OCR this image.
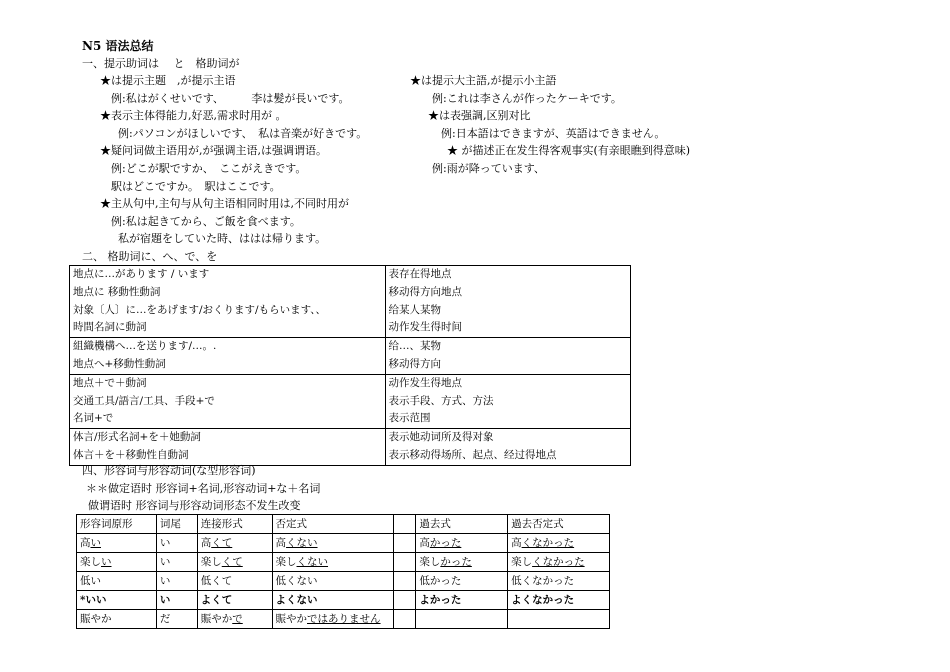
N5 语法总结
一、提示助词は　 と　格助词が
★は提示主题　,が提示主语
例:私はがくせいです、　　　李は髪が長いです。
★表示主体得能力,好恶,需求时用が 。
例:パソコンがほしいです、　私は音楽が好きです。
★疑问词做主语用が,が强调主语,は强调谓语。
例:どこが駅ですか、　ここがえきです。
駅はどこですか。　駅はここです。
★主从句中,主句与从句主语相同时用は,不同时用が
例:私は起きてから、ご飯を食べます。
私が宿題をしていた時、ははは帰ります。
★は提示大主語,が提示小主語
例:これは李さんが作ったケーキです。
★は表强調,区别对比
例:日本語はできますが、英語はできません。
★ が描述正在发生得客观事实(有亲眼瞧到得意味)
例:雨が降っています、
二、 格助词に、へ、で、を
地点に…があります / います	表存在得地点
地点に 移動性動詞	移动得方向地点
対象〔人〕に…をあげます/おくります/もらいます、、	给某人某物
時間名詞に動詞	动作发生得时间
組織機構へ…を送ります/…。.	给…、某物
地点へ+移動性動詞	移动得方向
地点＋で＋動詞	动作发生得地点
交通工具/語言/工具、手段+で	表示手段、方式、方法
名词+で	表示范围
体言/形式名詞+を＋她動詞	表示她动词所及得对象
体言＋を＋移動性自動詞	表示移动得场所、起点、经过得地点
四、形容词与形容动词(な型形容词)
＊＊做定语时 形容词+名词,形容动词+な＋名词
做谓语时 形容词与形容动词形态不发生改变
形容词原形	词尾	连接形式	否定式		過去式	過去否定式
高い	い	高くて	高くない		高かった	高くなかった
楽しい	い	楽しくて	楽しくない		楽しかった	楽しくなかった
低い	い	低くて	低くない		低かった	低くなかった
*いい	い	よくて	よくない		よかった	よくなかった
賑やか	だ	賑やかで	賑やかではありません			
